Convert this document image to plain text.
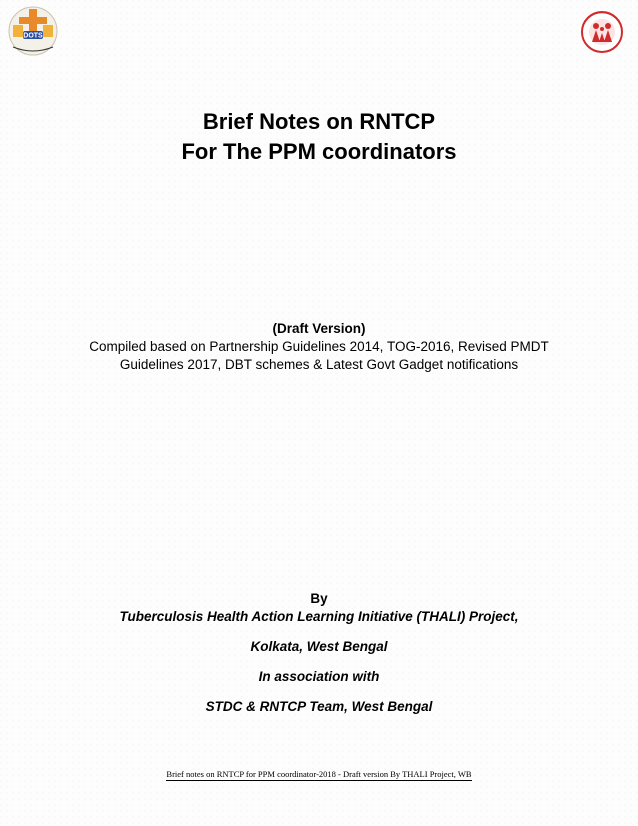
DOTS
Brief Notes on RNTCP
For The PPM coordinators
(Draft Version)
Compiled based on Partnership Guidelines 2014, TOG-2016, Revised PMDT Guidelines 2017, DBT schemes & Latest Govt Gadget notifications
By
Tuberculosis Health Action Learning Initiative (THALI) Project,
Kolkata, West Bengal
In association with
STDC & RNTCP Team, West Bengal
Brief notes on RNTCP for PPM coordinator-2018 - Draft version By THALI Project, WB
